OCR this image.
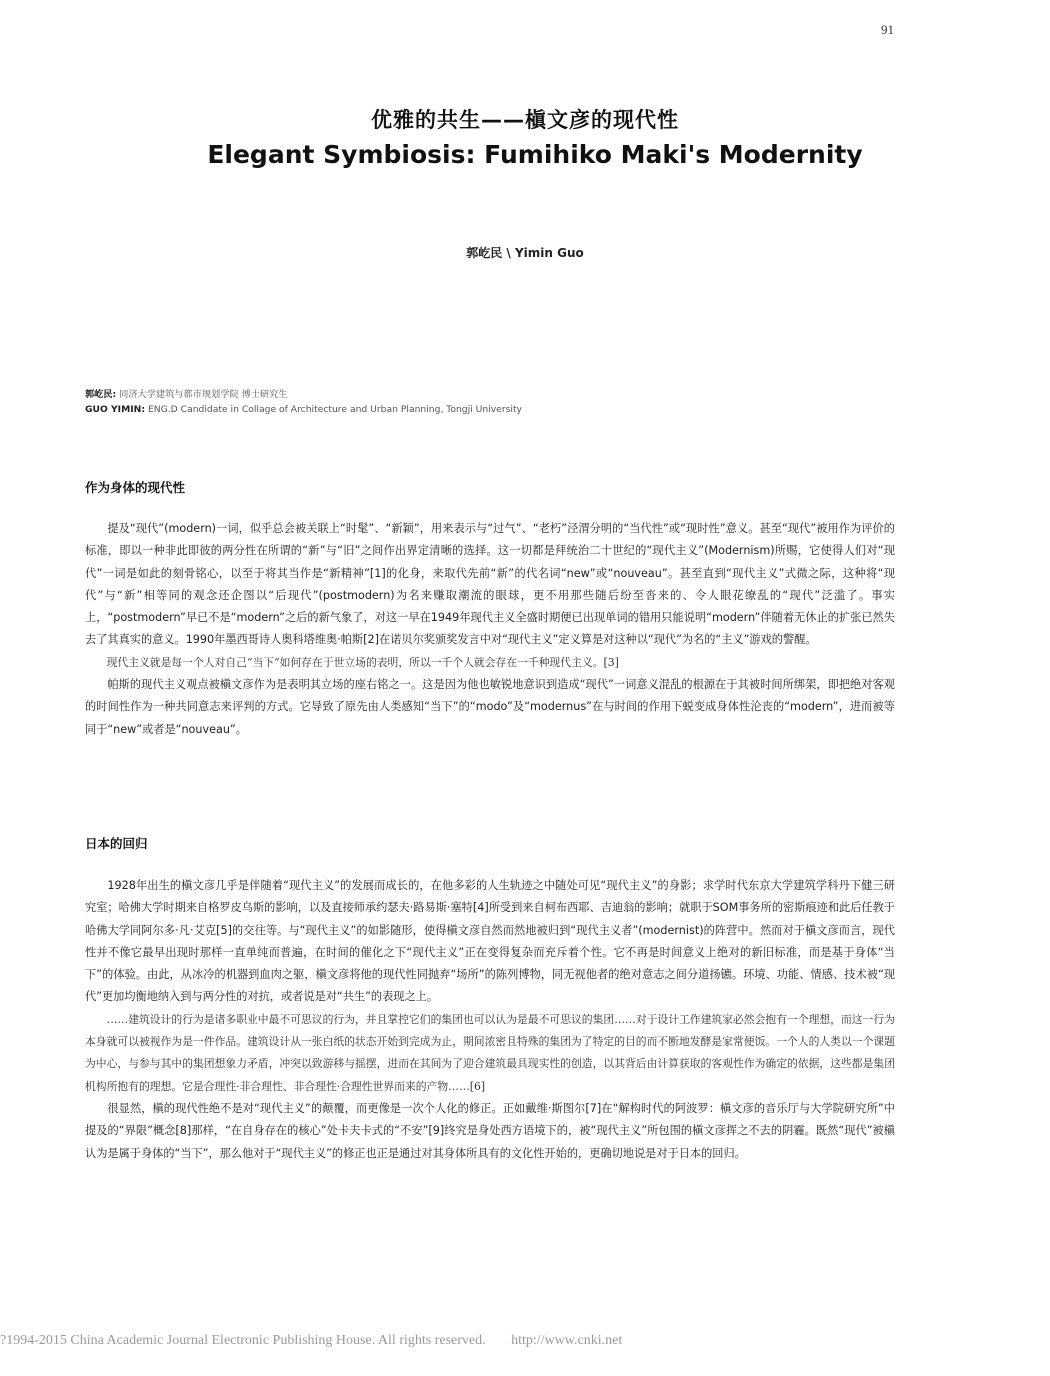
91
优雅的共生——槇文彦的现代性
Elegant Symbiosis: Fumihiko Maki's Modernity
郭屹民 \ Yimin Guo
郭屹民: 同济大学建筑与都市规划学院 博士研究生
GUO YIMIN: ENG.D Candidate in Collage of Architecture and Urban Planning, Tongji University
作为身体的现代性

提及“现代”(modern)一词，似乎总会被关联上“时髦”、“新颖”，用来表示与“过气”、“老朽”泾渭分明的“当代性”或“现时性”意义。甚至“现代”被用作为评价的标准，即以一种非此即彼的两分性在所谓的“新”与“旧”之间作出界定清晰的选择。这一切都是拜统治二十世纪的“现代主义”(Modernism)所赐，它使得人们对“现代”一词是如此的刻骨铭心，以至于将其当作是“新精神”[1]的化身，来取代先前“新”的代名词“new”或“nouveau”。甚至直到“现代主义”式微之际，这种将“现代”与“新”相等同的观念还企图以“后现代”(postmodern)为名来赚取潮流的眼球，更不用那些随后纷至沓来的、令人眼花缭乱的“现代”泛滥了。事实上，“postmodern”早已不是“modern”之后的新气象了，对这一早在1949年现代主义全盛时期便已出现单词的错用只能说明“modern”伴随着无休止的扩张已然失去了其真实的意义。1990年墨西哥诗人奥科塔维奥·帕斯[2]在诺贝尔奖颁奖发言中对“现代主义”定义算是对这种以“现代”为名的“主义”游戏的警醒。

现代主义就是每一个人对自己“当下”如何存在于世立场的表明，所以一千个人就会存在一千种现代主义。[3]

帕斯的现代主义观点被槇文彦作为是表明其立场的座右铭之一。这是因为他也敏锐地意识到造成“现代”一词意义混乱的根源在于其被时间所绑架，即把绝对客观的时间性作为一种共同意志来评判的方式。它导致了原先由人类感知“当下”的“modo”及“modernus”在与时间的作用下蜕变成身体性沦丧的“modern”，进而被等同于“new”或者是“nouveau”。

日本的回归

1928年出生的槇文彦几乎是伴随着“现代主义”的发展而成长的，在他多彩的人生轨迹之中随处可见“现代主义”的身影；求学时代东京大学建筑学科丹下健三研究室；哈佛大学时期来自格罗皮乌斯的影响，以及直接师承约瑟夫·路易斯·塞特[4]所受到来自柯布西耶、吉迪翁的影响；就职于SOM事务所的密斯痕迹和此后任教于哈佛大学同阿尔多·凡·艾克[5]的交往等。与“现代主义”的如影随形，使得槇文彦自然而然地被归到“现代主义者”(modernist)的阵营中。然而对于槇文彦而言，现代性并不像它最早出现时那样一直单纯而普遍，在时间的催化之下“现代主义”正在变得复杂而充斥着个性。它不再是时间意义上绝对的新旧标准，而是基于身体“当下”的体验。由此，从冰冷的机器到血肉之躯，槇文彦将他的现代性同抛弃“场所”的陈列博物，同无视他者的绝对意志之间分道扬镳。环境、功能、情感、技术被“现代”更加均衡地纳入到与两分性的对抗，或者说是对“共生”的表现之上。

……建筑设计的行为是诸多职业中最不可思议的行为，并且掌控它们的集团也可以认为是最不可思议的集团……对于设计工作建筑家必然会抱有一个理想，而这一行为本身就可以被视作为是一件作品。建筑设计从一张白纸的状态开始到完成为止，期间浓密且特殊的集团为了特定的目的而不断地发酵是家常便饭。一个人的人类以一个课题为中心，与参与其中的集团想象力矛盾，冲突以致游移与摇摆，进而在其间为了迎合建筑最具现实性的创造，以其背后由计算获取的客观性作为确定的依据，这些都是集团机构所抱有的理想。它是合理性·非合理性、非合理性·合理性世界而来的产物……[6]

很显然，槇的现代性绝不是对“现代主义”的颠覆，而更像是一次个人化的修正。正如戴维·斯图尔[7]在“解构时代的阿波罗：槇文彦的音乐厅与大学院研究所”中提及的“界限”概念[8]那样，“在自身存在的核心”处卡夫卡式的“不安”[9]终究是身处西方语境下的，被“现代主义”所包围的槇文彦挥之不去的阴霾。既然“现代”被槇认为是属于身体的“当下”，那么他对于“现代主义”的修正也正是通过对其身体所具有的文化性开始的，更确切地说是对于日本的回归。

?1994-2015 China Academic Journal Electronic Publishing House. All rights reserved. http://www.cnki.net
